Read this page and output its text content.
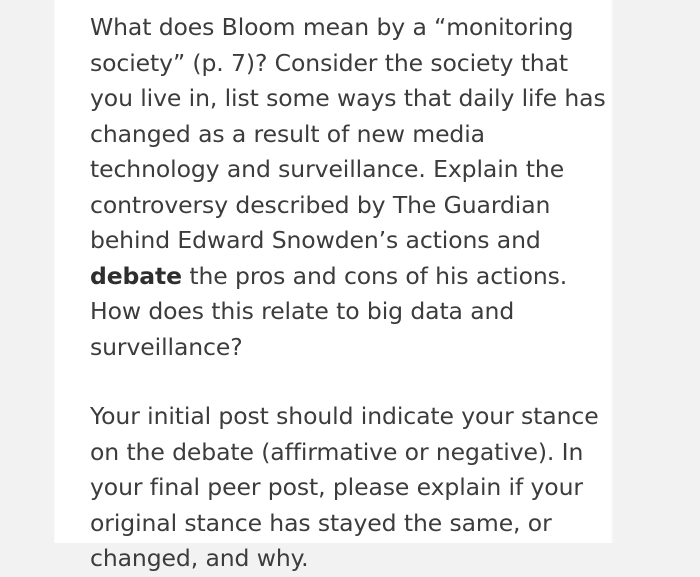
What does Bloom mean by a “monitoring society” (p. 7)? Consider the society that you live in, list some ways that daily life has changed as a result of new media technology and surveillance. Explain the controversy described by The Guardian behind Edward Snowden’s actions and debate the pros and cons of his actions. How does this relate to big data and surveillance?

Your initial post should indicate your stance on the debate (affirmative or negative). In your final peer post, please explain if your original stance has stayed the same, or changed, and why.
